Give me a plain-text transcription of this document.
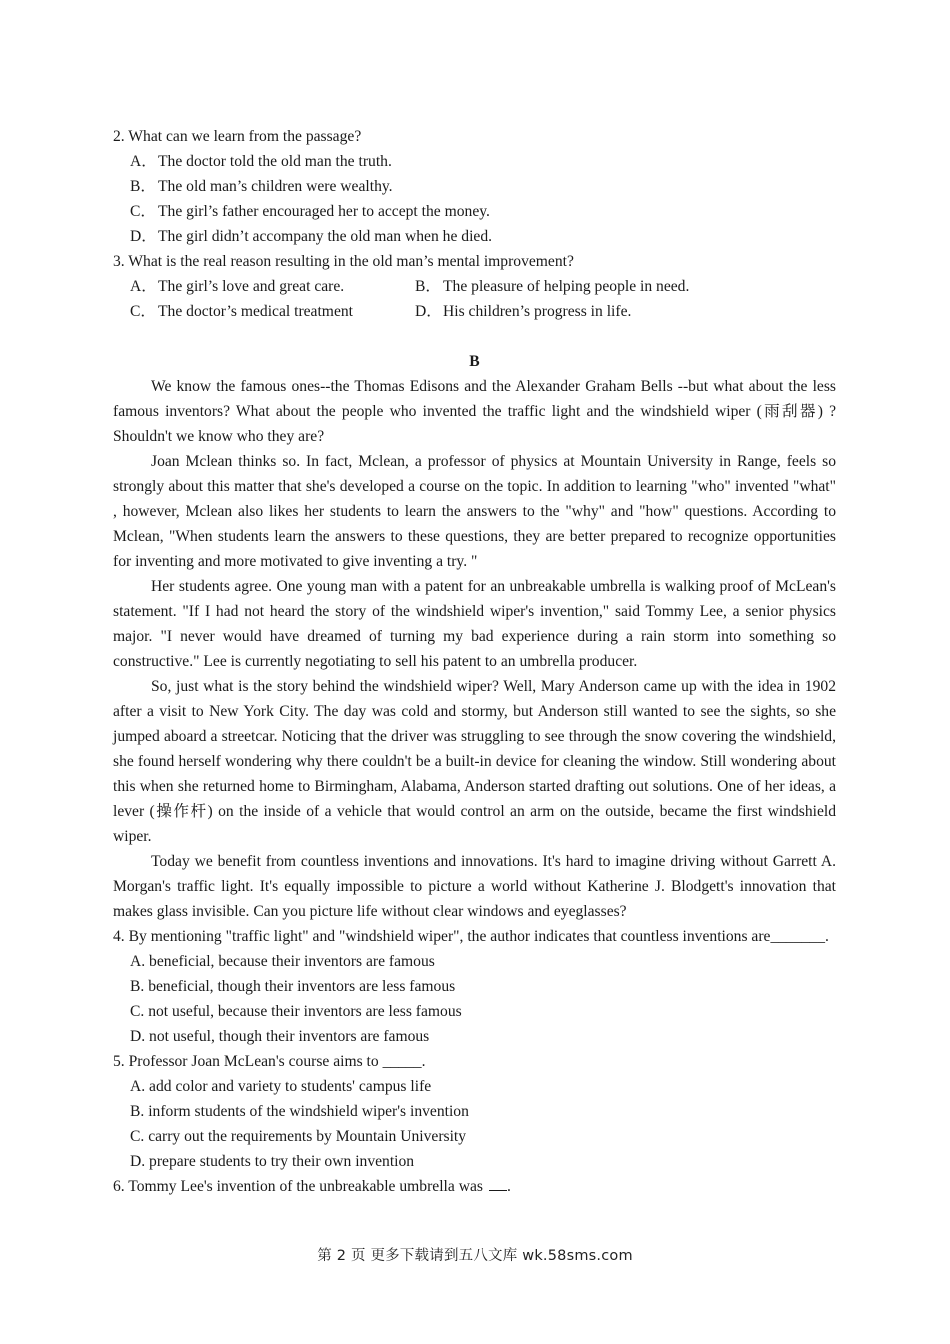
2. What can we learn from the passage?

A．The doctor told the old man the truth.

B． The old man’s children were wealthy.

C． The girl’s father encouraged her to accept the money.

D．The girl didn’t accompany the old man when he died.

3. What is the real reason resulting in the old man’s mental improvement?

A．The girl’s love and great care.	B． The pleasure of helping people in need.
C． The doctor’s medical treatment	D．His children’s progress in life.
B

We know the famous ones--the Thomas Edisons and the Alexander Graham Bells --but what about the less famous inventors? What about the people who invented the traffic light and the windshield wiper (雨刮器) ? Shouldn't we know who they are?

Joan Mclean thinks so. In fact, Mclean, a professor of physics at Mountain University in Range, feels so strongly about this matter that she's developed a course on the topic. In addition to learning "who" invented "what" , however, Mclean also likes her students to learn the answers to the "why" and "how" questions. According to Mclean, "When students learn the answers to these questions, they are better prepared to recognize opportunities for inventing and more motivated to give inventing a try. "

Her students agree. One young man with a patent for an unbreakable umbrella is walking proof of McLean's statement. "If I had not heard the story of the windshield wiper's invention," said Tommy Lee, a senior physics major. "I never would have dreamed of turning my bad experience during a rain storm into something so constructive." Lee is currently negotiating to sell his patent to an umbrella producer.

So, just what is the story behind the windshield wiper? Well, Mary Anderson came up with the idea in 1902 after a visit to New York City. The day was cold and stormy, but Anderson still wanted to see the sights, so she jumped aboard a streetcar. Noticing that the driver was struggling to see through the snow covering the windshield, she found herself wondering why there couldn't be a built-in device for cleaning the window. Still wondering about this when she returned home to Birmingham, Alabama, Anderson started drafting out solutions. One of her ideas, a lever (操作杆) on the inside of a vehicle that would control an arm on the outside, became the first windshield wiper.

Today we benefit from countless inventions and innovations. It's hard to imagine driving without Garrett A. Morgan's traffic light. It's equally impossible to picture a world without Katherine J. Blodgett's innovation that makes glass invisible. Can you picture life without clear windows and eyeglasses?

4. By mentioning "traffic light" and "windshield wiper", the author indicates that countless inventions are_______.

A. beneficial, because their inventors are famous

B. beneficial, though their inventors are less famous

C. not useful, because their inventors are less famous

D. not useful, though their inventors are famous

5. Professor Joan McLean's course aims to _____.

A. add color and variety to students' campus life

B. inform students of the windshield wiper's invention

C. carry out the requirements by Mountain University

D. prepare students to try their own invention

6. Tommy Lee's invention of the unbreakable umbrella was .

第 2 页 更多下载请到五八文库 wk.58sms.com
